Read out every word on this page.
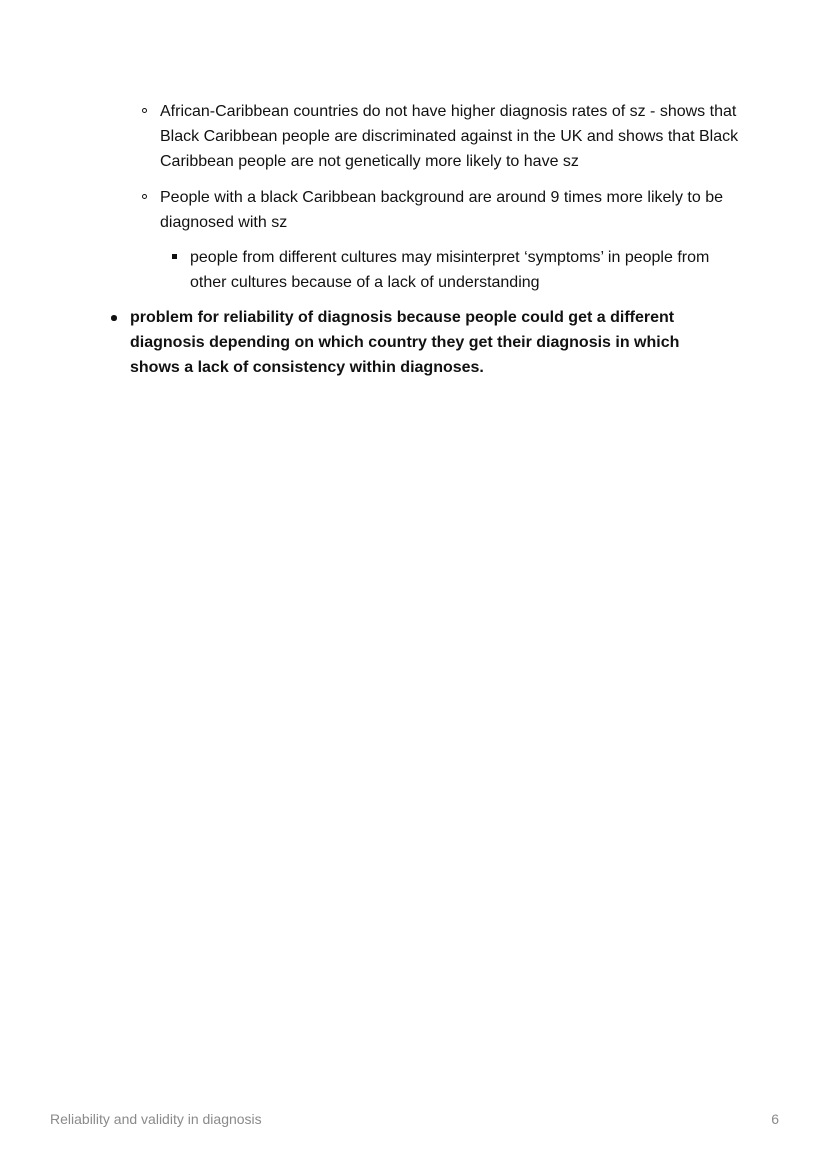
African-Caribbean countries do not have higher diagnosis rates of sz - shows that Black Caribbean people are discriminated against in the UK and shows that Black Caribbean people are not genetically more likely to have sz
People with a black Caribbean background are around 9 times more likely to be diagnosed with sz
people from different cultures may misinterpret ‘symptoms’ in people from other cultures because of a lack of understanding
problem for reliability of diagnosis because people could get a different diagnosis depending on which country they get their diagnosis in which shows a lack of consistency within diagnoses.
Reliability and validity in diagnosis	6
